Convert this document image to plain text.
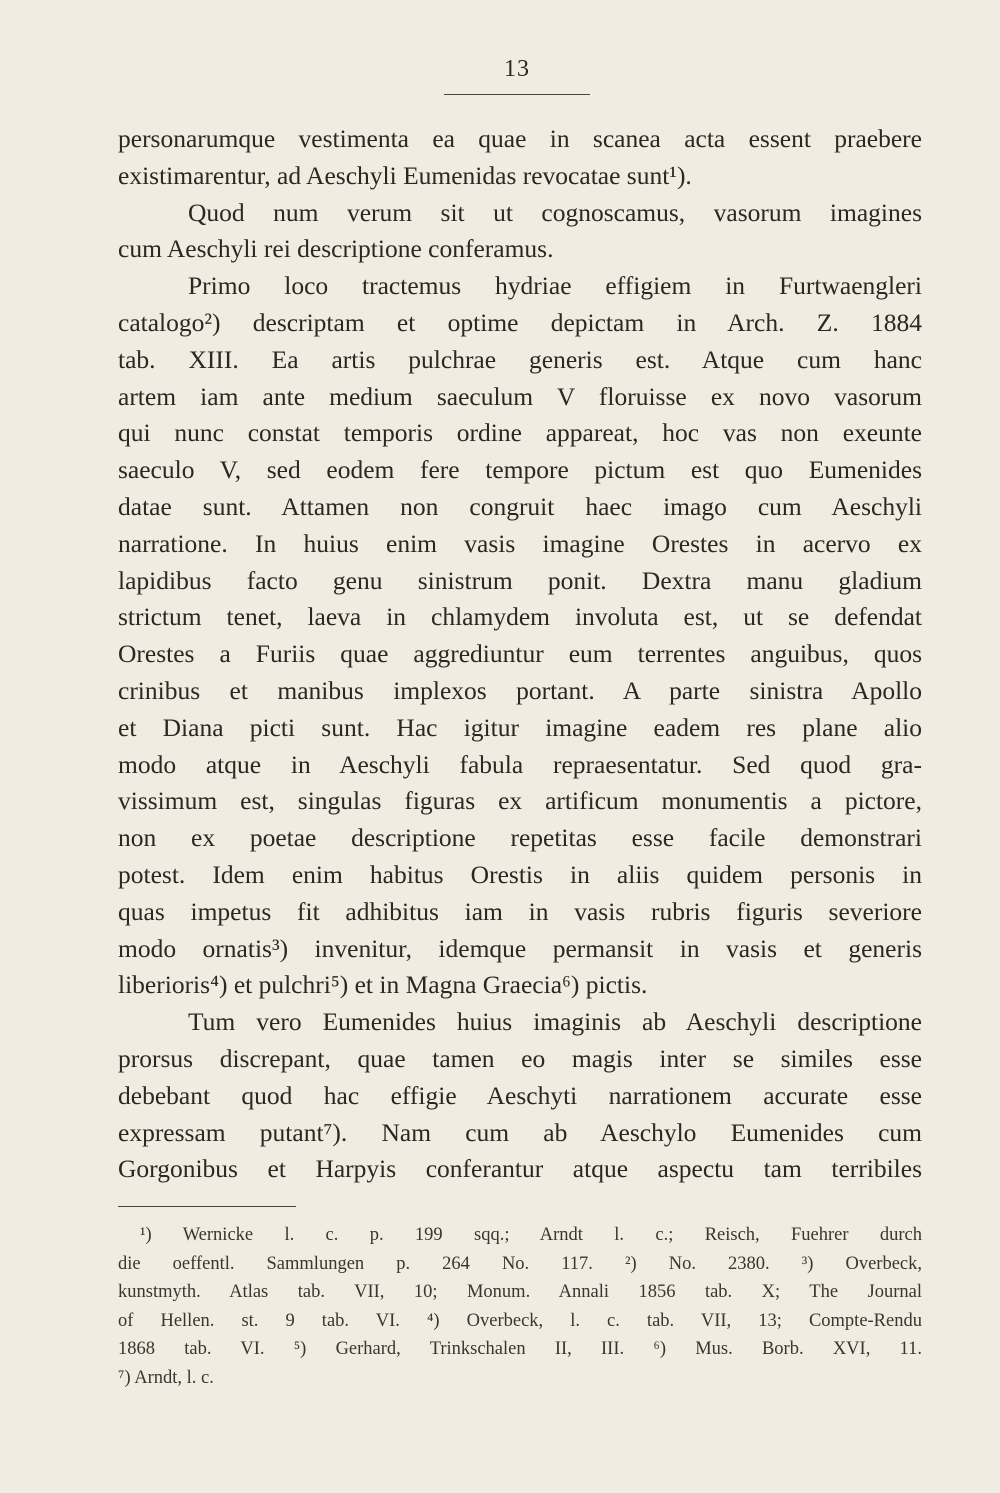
13
personarumque vestimenta ea quae in scanea acta essent praebere
existimarentur, ad Aeschyli Eumenidas revocatae sunt¹).
Quod num verum sit ut cognoscamus, vasorum imagines
cum Aeschyli rei descriptione conferamus.
Primo loco tractemus hydriae effigiem in Furtwaengleri
catalogo²) descriptam et optime depictam in Arch. Z. 1884
tab. XIII. Ea artis pulchrae generis est. Atque cum hanc
artem iam ante medium saeculum V floruisse ex novo vasorum
qui nunc constat temporis ordine appareat, hoc vas non exeunte
saeculo V, sed eodem fere tempore pictum est quo Eumenides
datae sunt. Attamen non congruit haec imago cum Aeschyli
narratione. In huius enim vasis imagine Orestes in acervo ex
lapidibus facto genu sinistrum ponit. Dextra manu gladium
strictum tenet, laeva in chlamydem involuta est, ut se defendat
Orestes a Furiis quae aggrediuntur eum terrentes anguibus, quos
crinibus et manibus implexos portant. A parte sinistra Apollo
et Diana picti sunt. Hac igitur imagine eadem res plane alio
modo atque in Aeschyli fabula repraesentatur. Sed quod gra-
vissimum est, singulas figuras ex artificum monumentis a pictore,
non ex poetae descriptione repetitas esse facile demonstrari
potest. Idem enim habitus Orestis in aliis quidem personis in
quas impetus fit adhibitus iam in vasis rubris figuris severiore
modo ornatis³) invenitur, idemque permansit in vasis et generis
liberioris⁴) et pulchri⁵) et in Magna Graecia⁶) pictis.
Tum vero Eumenides huius imaginis ab Aeschyli descriptione
prorsus discrepant, quae tamen eo magis inter se similes esse
debebant quod hac effigie Aeschyti narrationem accurate esse
expressam putant⁷). Nam cum ab Aeschylo Eumenides cum
Gorgonibus et Harpyis conferantur atque aspectu tam terribiles
¹) Wernicke l. c. p. 199 sqq.; Arndt l. c.; Reisch, Fuehrer durch
die oeffentl. Sammlungen p. 264 No. 117. ²) No. 2380. ³) Overbeck,
kunstmyth. Atlas tab. VII, 10; Monum. Annali 1856 tab. X; The Journal
of Hellen. st. 9 tab. VI. ⁴) Overbeck, l. c. tab. VII, 13; Compte-Rendu
1868 tab. VI. ⁵) Gerhard, Trinkschalen II, III. ⁶) Mus. Borb. XVI, 11.
⁷) Arndt, l. c.
